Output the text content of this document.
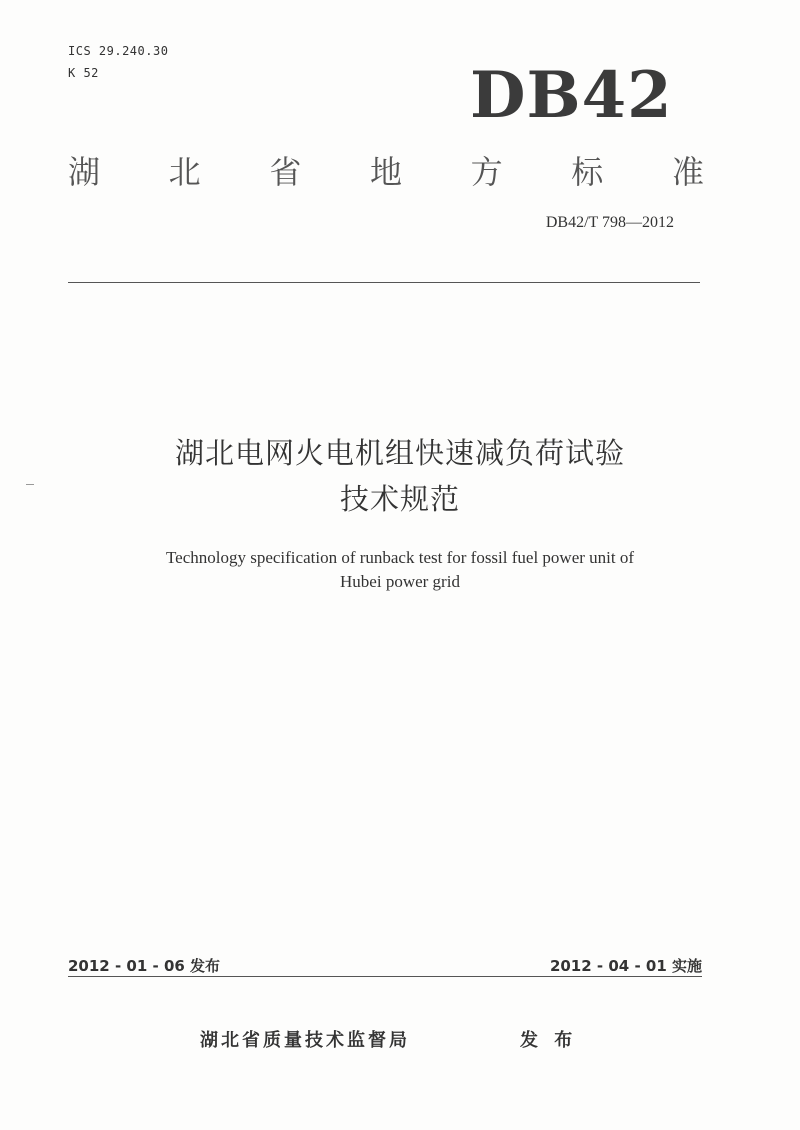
ICS 29.240.30
K 52	DB42
湖 北 省 地 方 标 准
DB42/T 798—2012
湖北电网火电机组快速减负荷试验
技术规范
Technology specification of runback test for fossil fuel power unit of
Hubei power grid
2012 - 01 - 06 发布	2012 - 04 - 01 实施
湖北省质量技术监督局	发 布
